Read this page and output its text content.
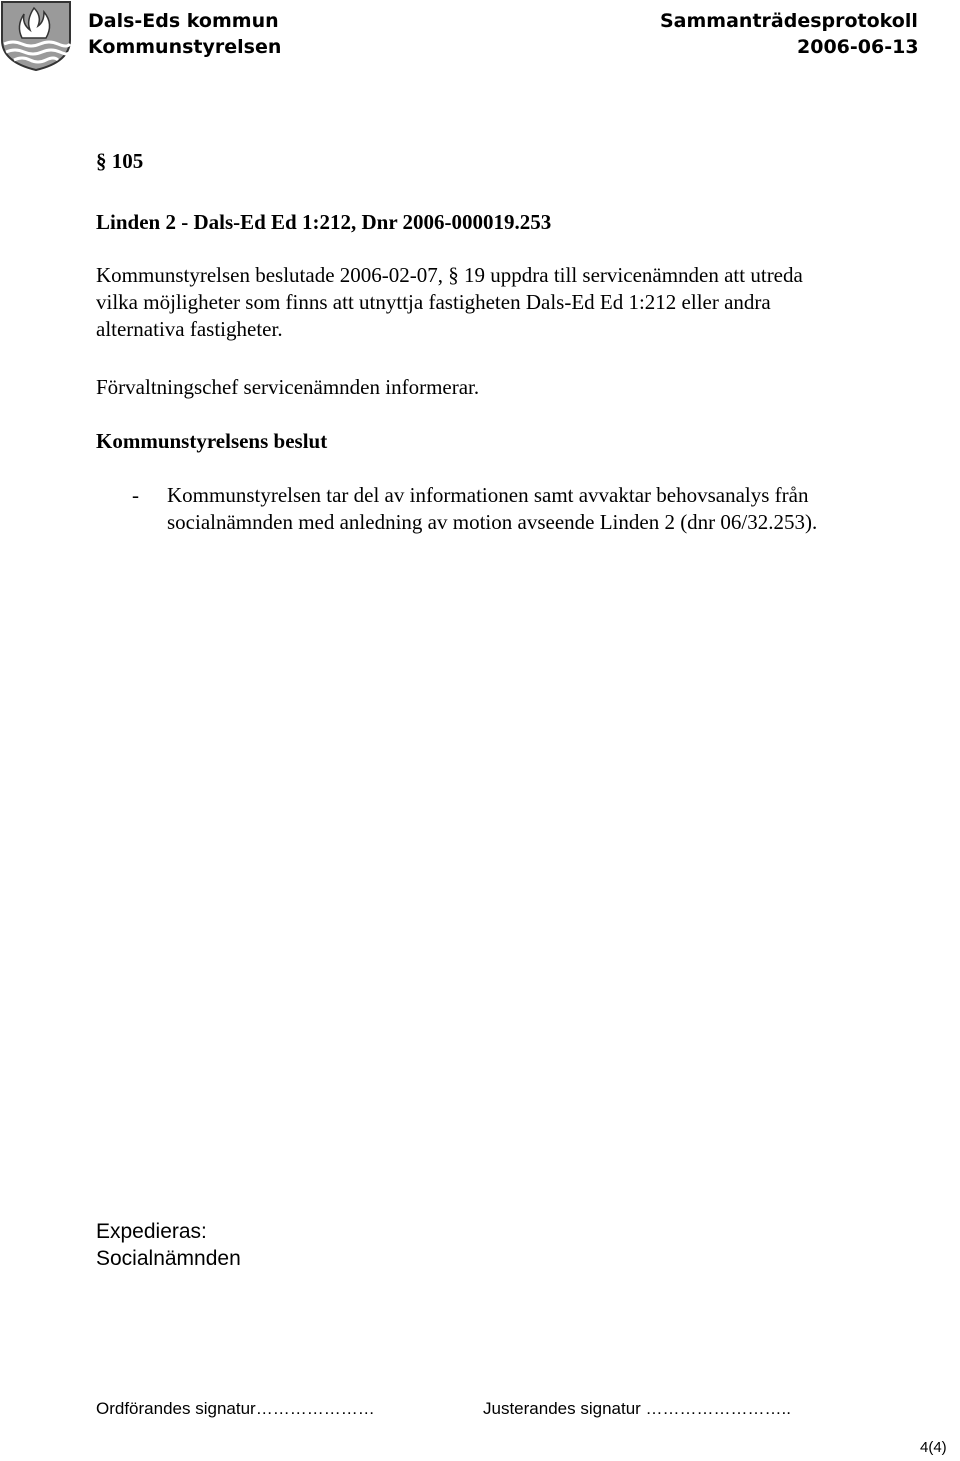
Dals-Eds kommun
Kommunstyrelsen
Sammanträdesprotokoll
2006-06-13
§ 105
Linden 2 - Dals-Ed Ed 1:212, Dnr 2006-000019.253
Kommunstyrelsen beslutade 2006-02-07, § 19 uppdra till servicenämnden att utreda
vilka möjligheter som finns att utnyttja fastigheten Dals-Ed Ed 1:212 eller andra
alternativa fastigheter.
Förvaltningschef servicenämnden informerar.
Kommunstyrelsens beslut
- Kommunstyrelsen tar del av informationen samt avvaktar behovsanalys från
socialnämnden med anledning av motion avseende Linden 2 (dnr 06/32.253).
Expedieras:
Socialnämnden
Ordförandes signatur…………………	Justerandes signatur ……………………..
4(4)
